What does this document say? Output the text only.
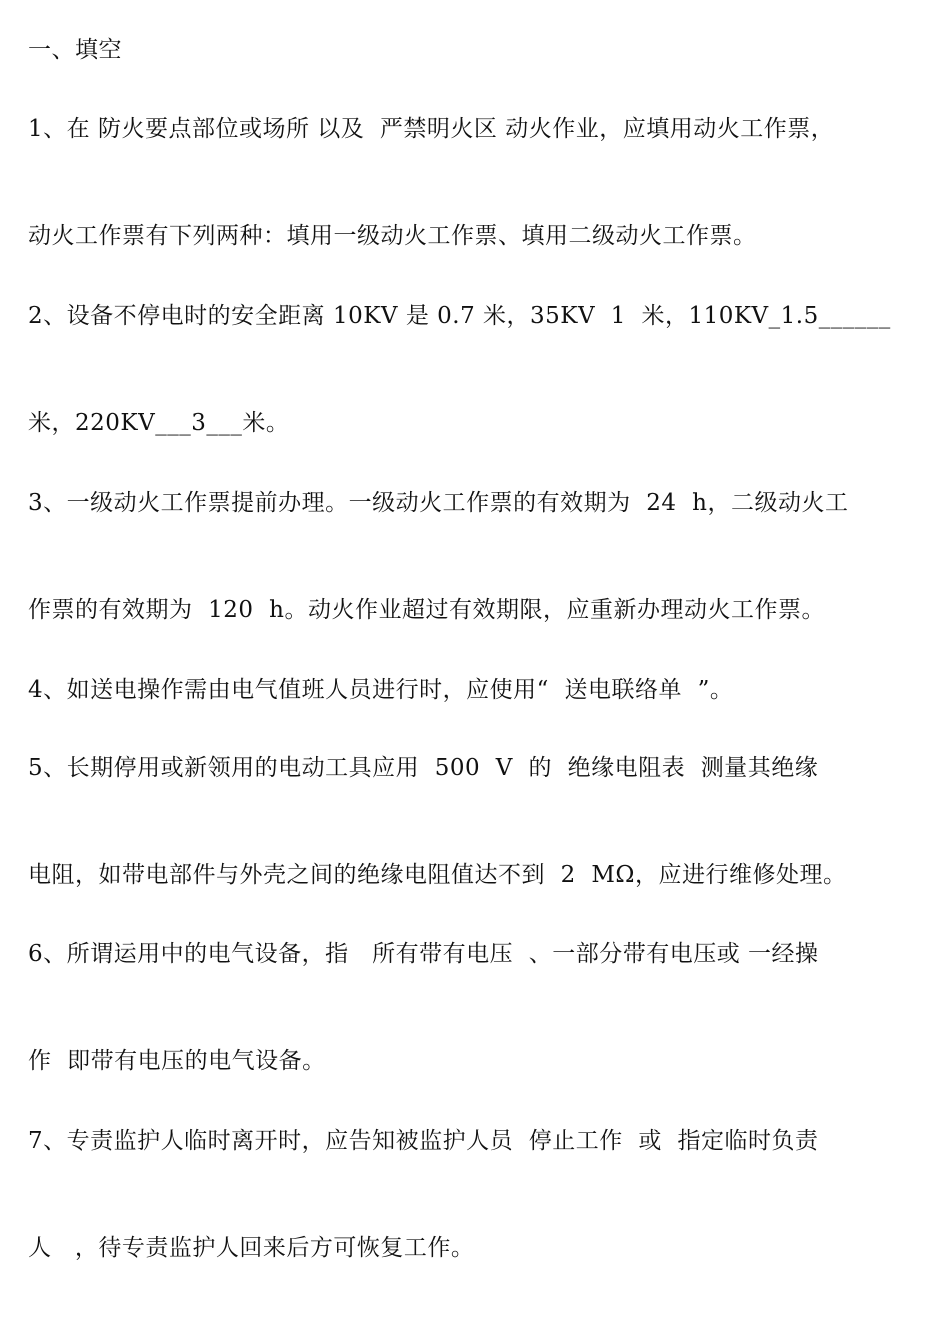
一、填空
1、在 防火要点部位或场所 以及  严禁明火区 动火作业，应填用动火工作票，
动火工作票有下列两种：填用一级动火工作票、填用二级动火工作票。
2、设备不停电时的安全距离 10KV 是 0.7 米，35KV  1  米，110KV_1.5______
米，220KV___3___米。
3、一级动火工作票提前办理。一级动火工作票的有效期为  24  h，二级动火工
作票的有效期为  120  h。动火作业超过有效期限，应重新办理动火工作票。
4、如送电操作需由电气值班人员进行时，应使用“  送电联络单  ”。
5、长期停用或新领用的电动工具应用  500  V  的  绝缘电阻表  测量其绝缘
电阻，如带电部件与外壳之间的绝缘电阻值达不到  2  MΩ，应进行维修处理。
6、所谓运用中的电气设备，指   所有带有电压  、一部分带有电压或 一经操
作  即带有电压的电气设备。
7、专责监护人临时离开时，应告知被监护人员  停止工作  或  指定临时负责
人   ，待专责监护人回来后方可恢复工作。
